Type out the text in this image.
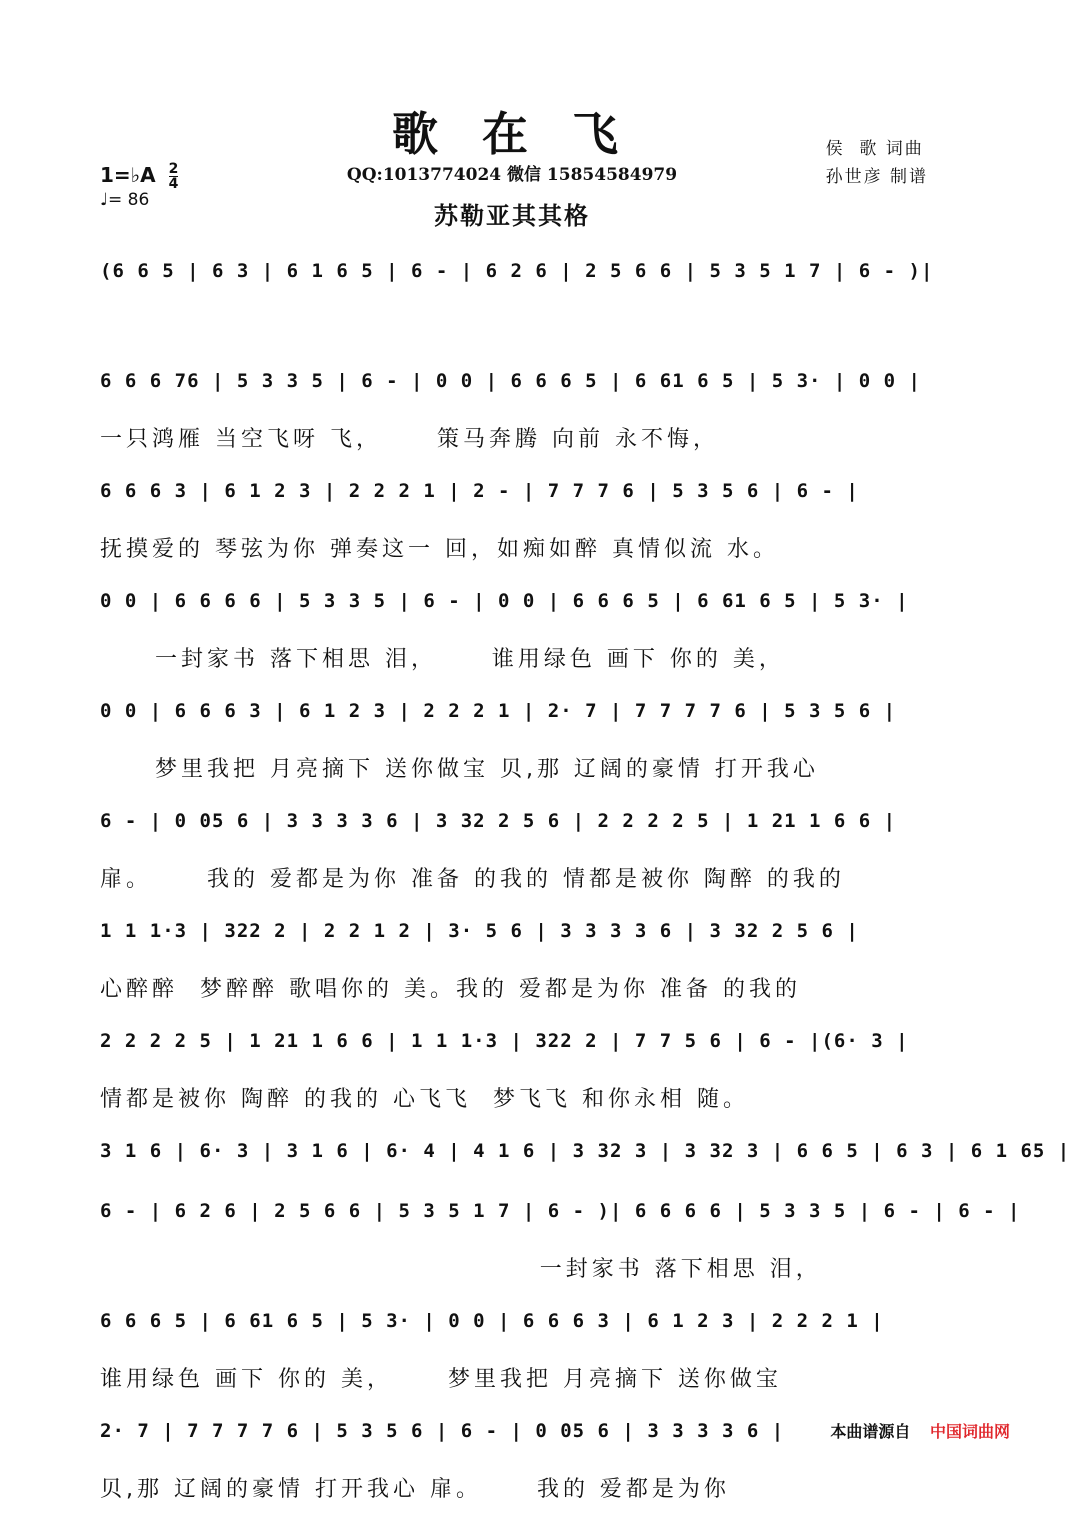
歌 在 飞
QQ:1013774024 微信 15854584979
苏勒亚其其格
1=♭A $\frac{2}{4}$
♩= 86
侯  歌 词曲
孙世彦 制谱
(6 6 5 | 6 3 | 6 1 6 5 | 6 - | 6 2 6 | 2 5 6 6 | 5 3 5 1 7 | 6 - )|
6 6 6 76 | 5 3 3 5 | 6 - | 0 0 | 6 6 6 5 | 6 61 6 5 | 5 3· | 0 0 |
一只鸿雁 当空飞呀 飞，     策马奔腾 向前 永不悔，
6 6 6 3 | 6 1 2 3 | 2 2 2 1 | 2 - | 7 7 7 6 | 5 3 5 6 | 6 - |
抚摸爱的 琴弦为你 弹奏这一 回，如痴如醉 真情似流 水。
0 0 | 6 6 6 6 | 5 3 3 5 | 6 - | 0 0 | 6 6 6 5 | 6 61 6 5 | 5 3· |
一封家书 落下相思 泪，     谁用绿色 画下 你的 美，
0 0 | 6 6 6 3 | 6 1 2 3 | 2 2 2 1 | 2· 7 | 7 7 7 7 6 | 5 3 5 6 |
梦里我把 月亮摘下 送你做宝 贝,那 辽阔的豪情 打开我心
6 - | 0 05 6 | 3 3 3 3 6 | 3 32 2 5 6 | 2 2 2 2 5 | 1 21 1 6 6 |
扉。     我的 爱都是为你 准备 的我的 情都是被你 陶醉 的我的
1 1 1·3 | 322 2 | 2 2 1 2 | 3· 5 6 | 3 3 3 3 6 | 3 32 2 5 6 |
心醉醉  梦醉醉 歌唱你的 美。我的 爱都是为你 准备 的我的
2 2 2 2 5 | 1 21 1 6 6 | 1 1 1·3 | 322 2 | 7 7 5 6 | 6 - |(6· 3 |
情都是被你 陶醉 的我的 心飞飞  梦飞飞 和你永相 随。
3 1 6 | 6· 3 | 3 1 6 | 6· 4 | 4 1 6 | 3 32 3 | 3 32 3 | 6 6 5 | 6 3 | 6 1 65 |
6 - | 6 2 6 | 2 5 6 6 | 5 3 5 1 7 | 6 - )| 6 6 6 6 | 5 3 3 5 | 6 - | 6 - |
一封家书 落下相思 泪，
6 6 6 5 | 6 61 6 5 | 5 3· | 0 0 | 6 6 6 3 | 6 1 2 3 | 2 2 2 1 |
谁用绿色 画下 你的 美，     梦里我把 月亮摘下 送你做宝
2· 7 | 7 7 7 7 6 | 5 3 5 6 | 6 - | 0 05 6 | 3 3 3 3 6 |
贝,那 辽阔的豪情 打开我心 扉。     我的 爱都是为你
本曲谱源自 中国词曲网
